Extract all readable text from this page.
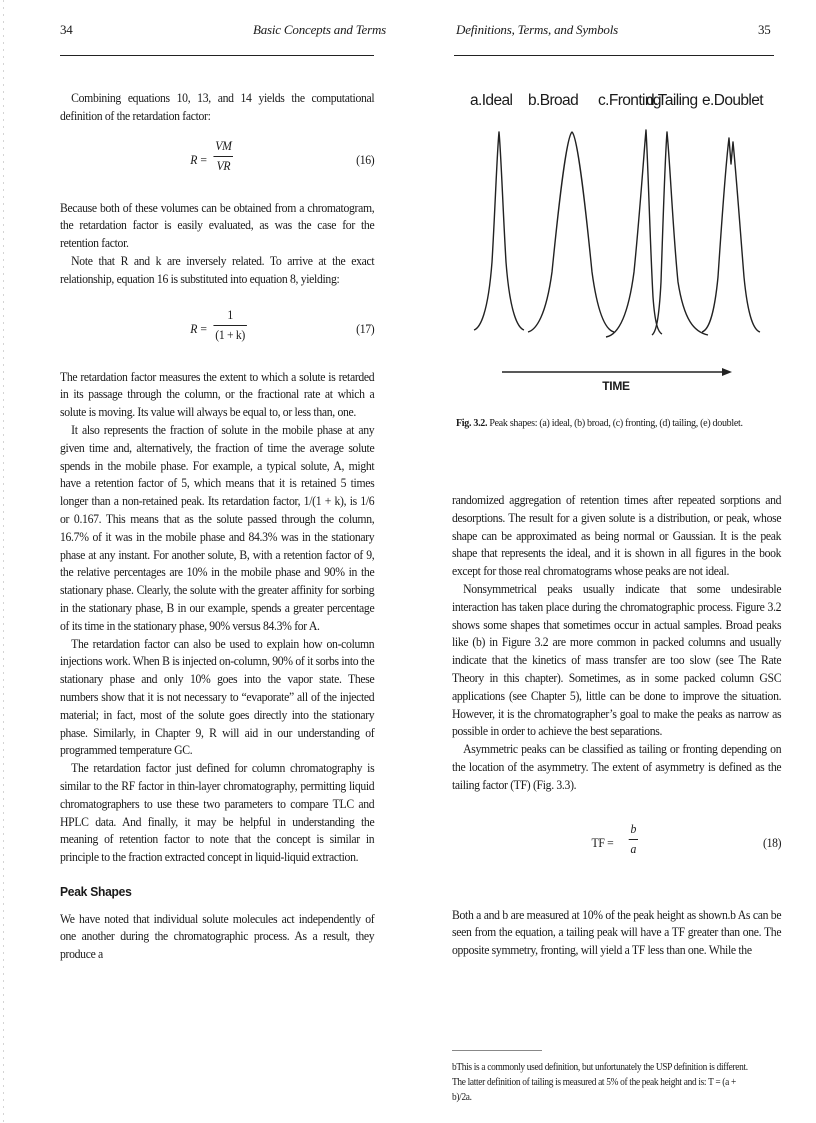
34	Basic Concepts and Terms

Combining equations 10, 13, and 14 yields the computational definition of the retardation factor:

R =
VM
VR	(16)

Because both of these volumes can be obtained from a chromatogram, the retardation factor is easily evaluated, as was the case for the retention factor.

Note that R and k are inversely related. To arrive at the exact relationship, equation 16 is substituted into equation 8, yielding:

R =
1
(1 + k)	(17)

The retardation factor measures the extent to which a solute is retarded in its passage through the column, or the fractional rate at which a solute is moving. Its value will always be equal to, or less than, one.

It also represents the fraction of solute in the mobile phase at any given time and, alternatively, the fraction of time the average solute spends in the mobile phase. For example, a typical solute, A, might have a retention factor of 5, which means that it is retained 5 times longer than a non-retained peak. Its retardation factor, 1/(1 + k), is 1/6 or 0.167. This means that as the solute passed through the column, 16.7% of it was in the mobile phase and 84.3% was in the stationary phase at any instant. For another solute, B, with a retention factor of 9, the relative percentages are 10% in the mobile phase and 90% in the stationary phase. Clearly, the solute with the greater affinity for sorbing in the stationary phase, B in our example, spends a greater percentage of its time in the stationary phase, 90% versus 84.3% for A.

The retardation factor can also be used to explain how on-column injections work. When B is injected on-column, 90% of it sorbs into the stationary phase and only 10% goes into the vapor state. These numbers show that it is not necessary to “evaporate” all of the injected material; in fact, most of the solute goes directly into the stationary phase. Similarly, in Chapter 9, R will aid in our understanding of programmed temperature GC.

The retardation factor just defined for column chromatography is similar to the RF factor in thin-layer chromatography, permitting liquid chromatographers to use these two parameters to compare TLC and HPLC data. And finally, it may be helpful in understanding the meaning of retention factor to note that the concept is similar in principle to the fraction extracted concept in liquid-liquid extraction.

Peak Shapes

We have noted that individual solute molecules act independently of one another during the chromatographic process. As a result, they produce a

Definitions, Terms, and Symbols	35
a.Ideal b.Broad c.Fronting
d.Tailing e.Doublet
TIME
Fig. 3.2. Peak shapes: (a) ideal, (b) broad, (c) fronting, (d) tailing, (e) doublet.

randomized aggregation of retention times after repeated sorptions and desorptions. The result for a given solute is a distribution, or peak, whose shape can be approximated as being normal or Gaussian. It is the peak shape that represents the ideal, and it is shown in all figures in the book except for those real chromatograms whose peaks are not ideal.

Nonsymmetrical peaks usually indicate that some undesirable interaction has taken place during the chromatographic process. Figure 3.2 shows some shapes that sometimes occur in actual samples. Broad peaks like (b) in Figure 3.2 are more common in packed columns and usually indicate that the kinetics of mass transfer are too slow (see The Rate Theory in this chapter). Sometimes, as in some packed column GSC applications (see Chapter 5), little can be done to improve the situation. However, it is the chromatographer’s goal to make the peaks as narrow as possible in order to achieve the best separations.

Asymmetric peaks can be classified as tailing or fronting depending on the location of the asymmetry. The extent of asymmetry is defined as the tailing factor (TF) (Fig. 3.3).

TF =
b
a	(18)

Both a and b are measured at 10% of the peak height as shown.b As can be seen from the equation, a tailing peak will have a TF greater than one. The opposite symmetry, fronting, will yield a TF less than one. While the

bThis is a commonly used definition, but unfortunately the USP definition is different. The latter definition of tailing is measured at 5% of the peak height and is: T = (a + b)/2a.
